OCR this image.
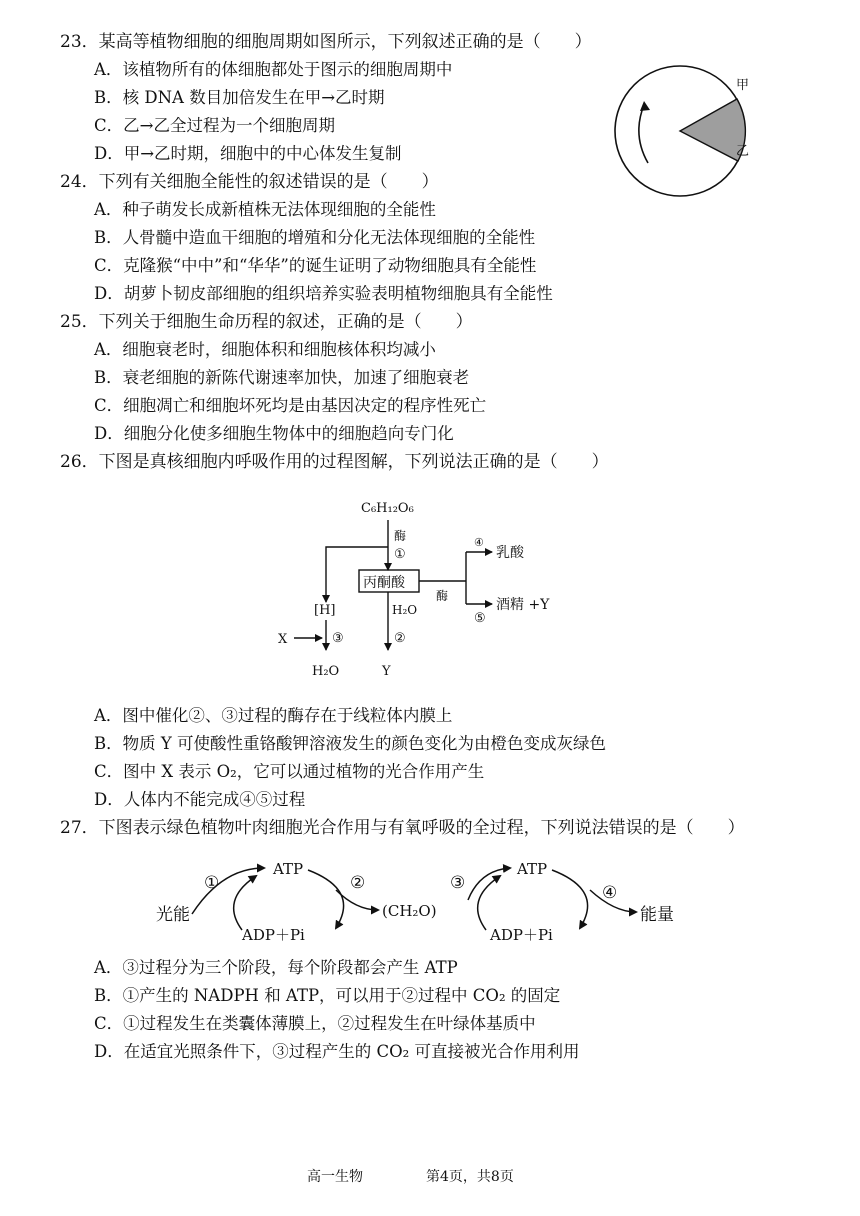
23．某高等植物细胞的细胞周期如图所示，下列叙述正确的是（　　）
A．该植物所有的体细胞都处于图示的细胞周期中
B．核 DNA 数目加倍发生在甲→乙时期
C．乙→乙全过程为一个细胞周期
D．甲→乙时期，细胞中的中心体发生复制
甲
乙
24．下列有关细胞全能性的叙述错误的是（　　）
A．种子萌发长成新植株无法体现细胞的全能性
B．人骨髓中造血干细胞的增殖和分化无法体现细胞的全能性
C．克隆猴“中中”和“华华”的诞生证明了动物细胞具有全能性
D．胡萝卜韧皮部细胞的组织培养实验表明植物细胞具有全能性
25．下列关于细胞生命历程的叙述，正确的是（　　）
A．细胞衰老时，细胞体积和细胞核体积均减小
B．衰老细胞的新陈代谢速率加快，加速了细胞衰老
C．细胞凋亡和细胞坏死均是由基因决定的程序性死亡
D．细胞分化使多细胞生物体中的细胞趋向专门化
26．下图是真核细胞内呼吸作用的过程图解，下列说法正确的是（　　）
C₆H₁₂O₆
酶
①
丙酮酸
[H]
X	③
H₂O
H₂O
②
Y
④
乳酸
酶
酒精 +Y
⑤
A．图中催化②、③过程的酶存在于线粒体内膜上
B．物质 Y 可使酸性重铬酸钾溶液发生的颜色变化为由橙色变成灰绿色
C．图中 X 表示 O₂，它可以通过植物的光合作用产生
D．人体内不能完成④⑤过程
27．下图表示绿色植物叶肉细胞光合作用与有氧呼吸的全过程，下列说法错误的是（　　）
光能
①
ATP
②
ADP＋Pi
(CH₂O)
③
ATP
④
ADP＋Pi
能量
A．③过程分为三个阶段，每个阶段都会产生 ATP
B．①产生的 NADPH 和 ATP，可以用于②过程中 CO₂ 的固定
C．①过程发生在类囊体薄膜上，②过程发生在叶绿体基质中
D．在适宜光照条件下，③过程产生的 CO₂ 可直接被光合作用利用
高一生物	第4页，共8页
